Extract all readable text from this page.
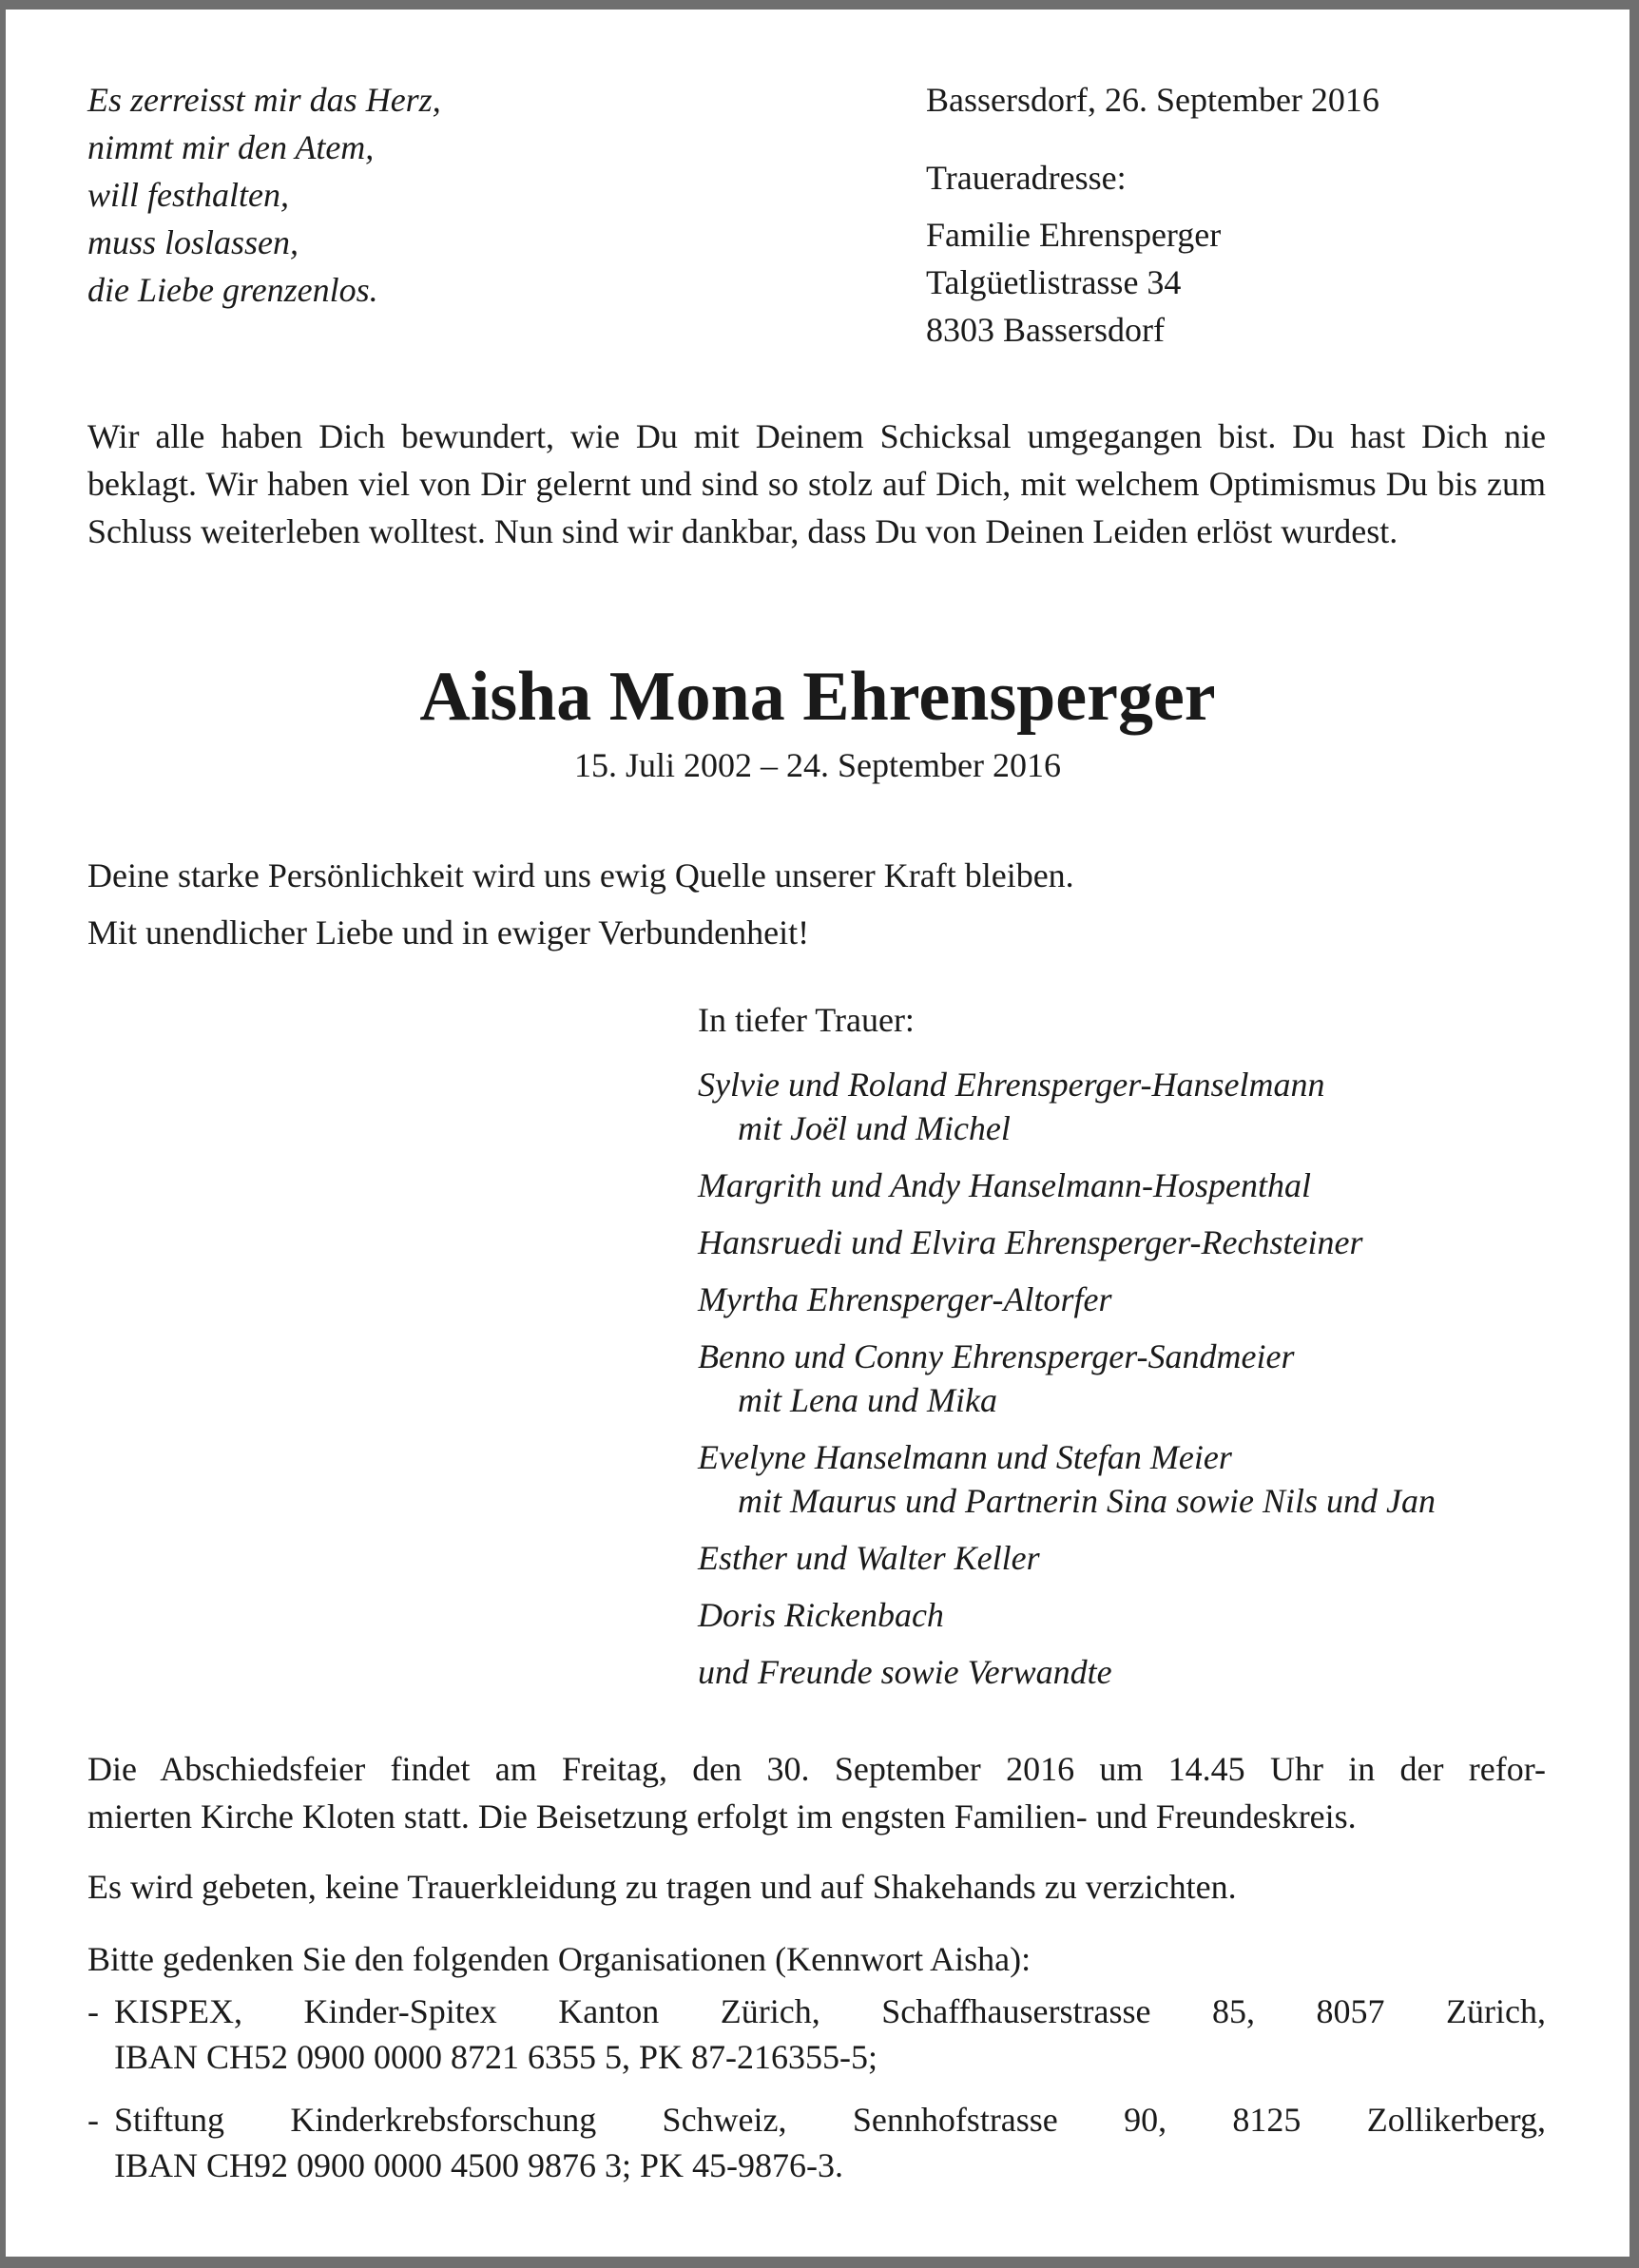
Es zerreisst mir das Herz,
nimmt mir den Atem,
will festhalten,
muss loslassen,
die Liebe grenzenlos.
Bassersdorf, 26. September 2016
Traueradresse:
Familie Ehrensperger
Talgüetlistrasse 34
8303 Bassersdorf
Wir alle haben Dich bewundert, wie Du mit Deinem Schicksal umgegangen bist. Du hast Dich nie beklagt. Wir haben viel von Dir gelernt und sind so stolz auf Dich, mit welchem Optimismus Du bis zum Schluss weiterleben wolltest. Nun sind wir dankbar, dass Du von Deinen Leiden erlöst wurdest.
Aisha Mona Ehrensperger
15. Juli 2002 – 24. September 2016
Deine starke Persönlichkeit wird uns ewig Quelle unserer Kraft bleiben.
Mit unendlicher Liebe und in ewiger Verbundenheit!
In tiefer Trauer:
Sylvie und Roland Ehrensperger-Hanselmann
mit Joël und Michel
Margrith und Andy Hanselmann-Hospenthal
Hansruedi und Elvira Ehrensperger-Rechsteiner
Myrtha Ehrensperger-Altorfer
Benno und Conny Ehrensperger-Sandmeier
mit Lena und Mika
Evelyne Hanselmann und Stefan Meier
mit Maurus und Partnerin Sina sowie Nils und Jan
Esther und Walter Keller
Doris Rickenbach
und Freunde sowie Verwandte
Die Abschiedsfeier findet am Freitag, den 30. September 2016 um 14.45 Uhr in der refor-
mierten Kirche Kloten statt. Die Beisetzung erfolgt im engsten Familien- und Freundeskreis.
Es wird gebeten, keine Trauerkleidung zu tragen und auf Shakehands zu verzichten.
Bitte gedenken Sie den folgenden Organisationen (Kennwort Aisha):
- KISPEX, Kinder-Spitex Kanton Zürich, Schaffhauserstrasse 85, 8057 Zürich,
IBAN CH52 0900 0000 8721 6355 5, PK 87-216355-5;
- Stiftung Kinderkrebsforschung Schweiz, Sennhofstrasse 90, 8125 Zollikerberg,
IBAN CH92 0900 0000 4500 9876 3; PK 45-9876-3.
